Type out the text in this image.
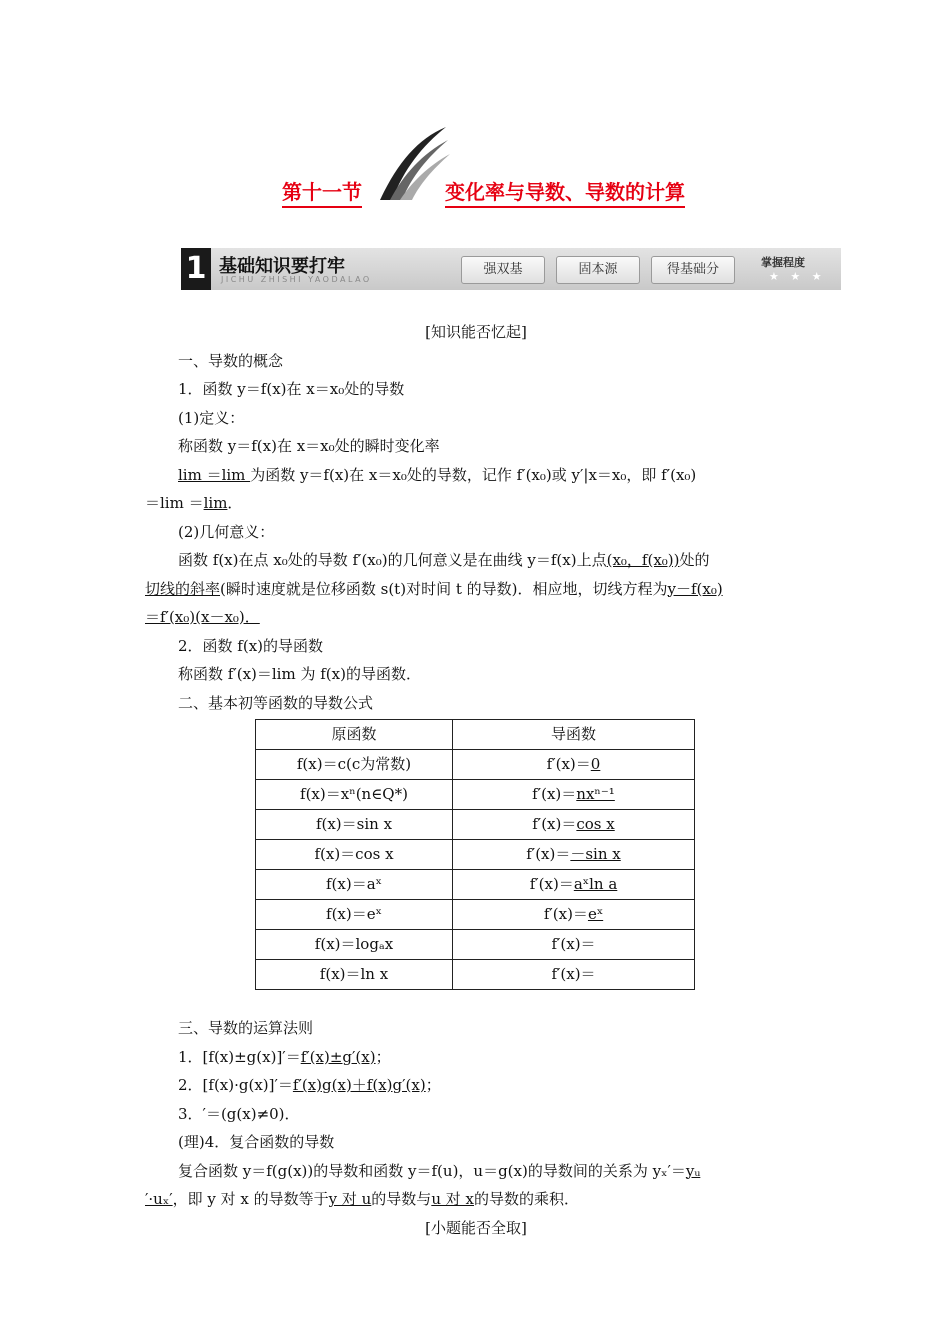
第十一节	变化率与导数、导数的计算
1 基础知识要打牢
JICHU ZHISHI YAODALAO
强双基	固本源	得基础分	掌握程度
★ ★ ★
[知识能否忆起]
一、导数的概念
1．函数 y＝f(x)在 x＝x₀处的导数
(1)定义：
称函数 y＝f(x)在 x＝x₀处的瞬时变化率
lim ＝lim 为函数 y＝f(x)在 x＝x₀处的导数，记作 f′(x₀)或 y′|x＝x₀，即 f′(x₀)
＝lim ＝lim．
(2)几何意义：
函数 f(x)在点 x₀处的导数 f′(x₀)的几何意义是在曲线 y＝f(x)上点(x₀，f(x₀))处的
切线的斜率(瞬时速度就是位移函数 s(t)对时间 t 的导数)．相应地，切线方程为y－f(x₀)
＝f′(x₀)(x－x₀)．
2．函数 f(x)的导函数
称函数 f′(x)＝lim 为 f(x)的导函数．
二、基本初等函数的导数公式
原函数	导函数
f(x)＝c(c为常数)	f′(x)＝0
f(x)＝xⁿ(n∈Q*)	f′(x)＝nxⁿ⁻¹
f(x)＝sin x	f′(x)＝cos x
f(x)＝cos x	f′(x)＝－sin x
f(x)＝aˣ	f′(x)＝aˣln a
f(x)＝eˣ	f′(x)＝eˣ
f(x)＝logₐx	f′(x)＝
f(x)＝ln x	f′(x)＝
三、导数的运算法则
1．[f(x)±g(x)]′＝f′(x)±g′(x)；
2．[f(x)·g(x)]′＝f′(x)g(x)＋f(x)g′(x)；
3．′＝(g(x)≠0)．
(理)4．复合函数的导数
复合函数 y＝f(g(x))的导数和函数 y＝f(u)，u＝g(x)的导数间的关系为 yₓ′＝yᵤ
′·uₓ′，即 y 对 x 的导数等于y 对 u的导数与u 对 x的导数的乘积．
[小题能否全取]
